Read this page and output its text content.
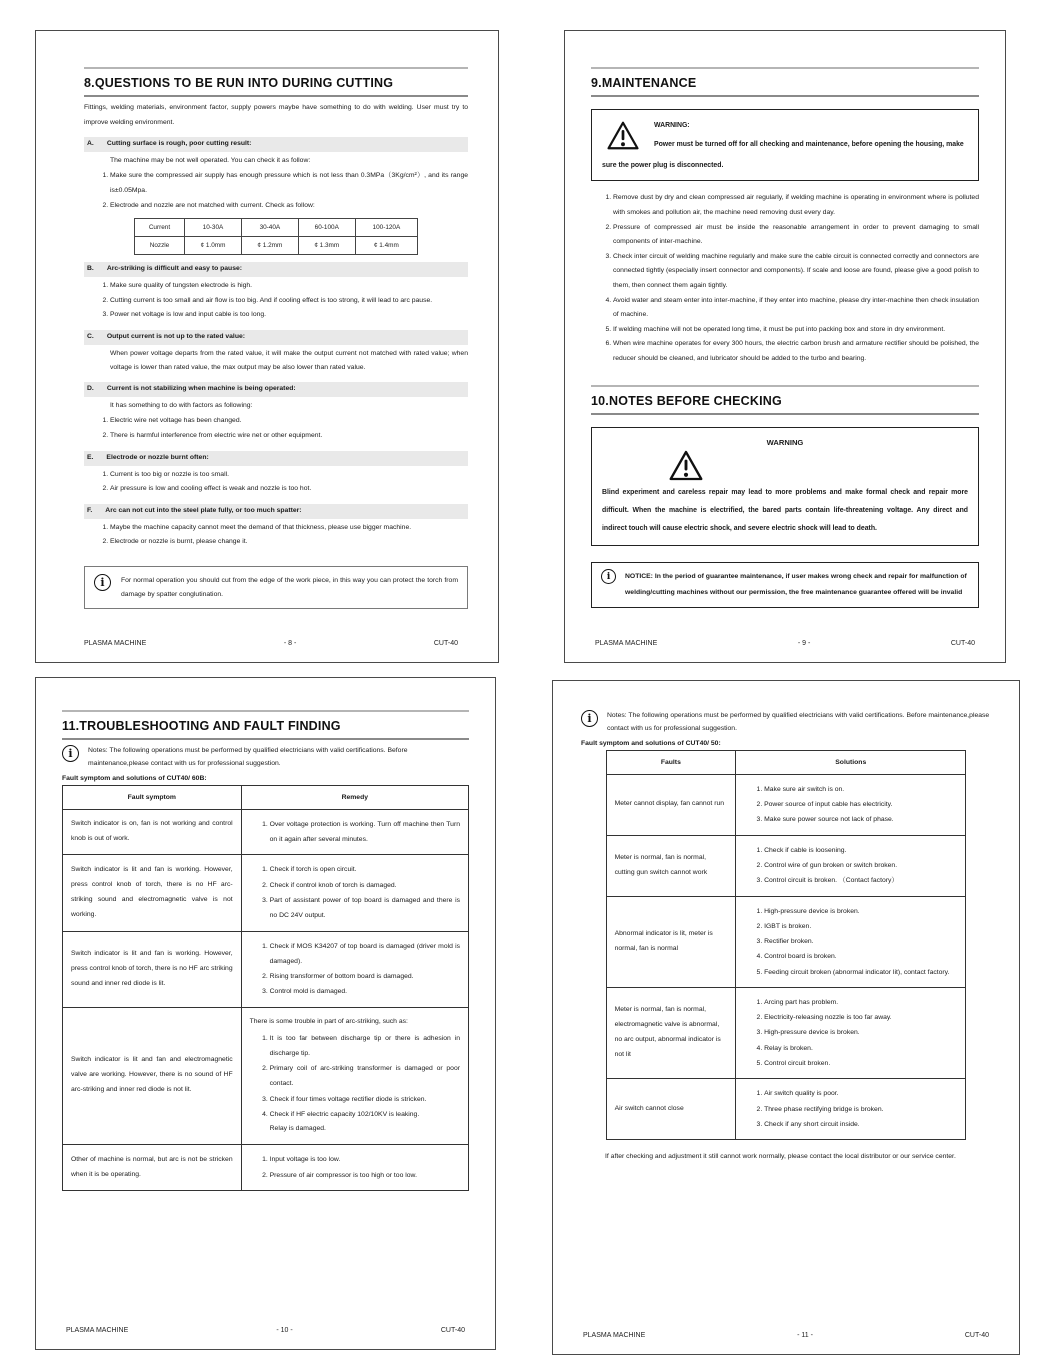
8.QUESTIONS TO BE RUN INTO DURING CUTTING

Fittings, welding materials, environment factor, supply powers maybe have something to do with welding. User must try to improve welding environment.

A. Cutting surface is rough, poor cutting result:

The machine may be not well operated. You can check it as follow:

1. Make sure the compressed air supply has enough pressure which is not less than 0.3MPa（3Kg/cm²）, and its range is±0.05Mpa.
2. Electrode and nozzle are not matched with current. Check as follow:
Current	10-30A	30-40A	60-100A	100-120A
Nozzle	¢ 1.0mm	¢ 1.2mm	¢ 1.3mm	¢ 1.4mm
B. Arc-striking is difficult and easy to pause:
1. Make sure quality of tungsten electrode is high.
2. Cutting current is too small and air flow is too big. And if cooling effect is too strong, it will lead to arc pause.
3. Power net voltage is low and input cable is too long.
C. Output current is not up to the rated value:

When power voltage departs from the rated value, it will make the output current not matched with rated value; when voltage is lower than rated value, the max output may be also lower than rated value.

D. Current is not stabilizing when machine is being operated:

It has something to do with factors as following:

1. Electric wire net voltage has been changed.
2. There is harmful interference from electric wire net or other equipment.
E. Electrode or nozzle burnt often:
1. Current is too big or nozzle is too small.
2. Air pressure is low and cooling effect is weak and nozzle is too hot.
F. Arc can not cut into the steel plate fully, or too much spatter:
1. Maybe the machine capacity cannot meet the demand of that thickness, please use bigger machine.
2. Electrode or nozzle is burnt, please change it.
i	For normal operation you should cut from the edge of the work piece, in this way you can protect the torch from damage by spatter conglutination.

PLASMA MACHINE	- 8 -	CUT-40
9.MAINTENANCE
WARNING:
Power must be turned off for all checking and maintenance, before opening the housing, make sure the power plug is disconnected.
1. Remove dust by dry and clean compressed air regularly, if welding machine is operating in environment where is polluted with smokes and pollution air, the machine need removing dust every day.
2. Pressure of compressed air must be inside the reasonable arrangement in order to prevent damaging to small components of inter-machine.
3. Check inter circuit of welding machine regularly and make sure the cable circuit is connected correctly and connectors are connected tightly (especially insert connector and components). If scale and loose are found, please give a good polish to them, then connect them again tightly.
4. Avoid water and steam enter into inter-machine, if they enter into machine, please dry inter-machine then check insulation of machine.
5. If welding machine will not be operated long time, it must be put into packing box and store in dry environment.
6. When wire machine operates for every 300 hours, the electric carbon brush and armature rectifier should be polished, the reducer should be cleaned, and lubricator should be added to the turbo and bearing.
10.NOTES BEFORE CHECKING
WARNING

Blind experiment and careless repair may lead to more problems and make formal check and repair more difficult. When the machine is electrified, the bared parts contain life-threatening voltage. Any direct and indirect touch will cause electric shock, and severe electric shock will lead to death.

i	NOTICE: In the period of guarantee maintenance, if user makes wrong check and repair for malfunction of welding/cutting machines without our permission, the free maintenance guarantee offered will be invalid

PLASMA MACHINE	- 9 -	CUT-40
11.TROUBLESHOOTING AND FAULT FINDING
i	Notes: The following operations must be performed by qualified electricians with valid certifications. Before maintenance,please contact with us for professional suggestion.

Fault symptom and solutions of CUT40/ 60B:
Fault symptom	Remedy
Switch indicator is on, fan is not working and control knob is out of work.	
1. Over voltage protection is working. Turn off machine then Turn on it again after several minutes.

Switch indicator is lit and fan is working. However, press control knob of torch, there is no HF arc-striking sound and electromagnetic valve is not working.	
1. Check if torch is open circuit.
2. Check if control knob of torch is damaged.
3. Part of assistant power of top board is damaged and there is no DC 24V output.

Switch indicator is lit and fan is working. However, press control knob of torch, there is no HF arc striking sound and inner red diode is lit.	
1. Check if MOS K34207 of top board is damaged (driver mold is damaged).
2. Rising transformer of bottom board is damaged.
3. Control mold is damaged.

Switch indicator is lit and fan and electromagnetic valve are working. However, there is no sound of HF arc-striking and inner red diode is not lit.	

There is some trouble in part of arc-striking, such as:

1. It is too far between discharge tip or there is adhesion in discharge tip.
2. Primary coil of arc-striking transformer is damaged or poor contact.
3. Check if four times voltage rectifier diode is stricken.
4. Check if HF electric capacity 102/10KV is leaking.

Relay is damaged.

Other of machine is normal, but arc is not be stricken when it is be operating.	
1. Input voltage is too low.
2. Pressure of air compressor is too high or too low.
PLASMA MACHINE	- 10 -	CUT-40
i	Notes: The following operations must be performed by qualified electricians with valid certifications. Before maintenance,please contact with us for professional suggestion.

Fault symptom and solutions of CUT40/ 50:
Faults	Solutions
Meter cannot display, fan cannot run	
1. Make sure air switch is on.
2. Power source of input cable has electricity.
3. Make sure power source not lack of phase.

Meter is normal, fan is normal, cutting gun switch cannot work	
1. Check if cable is loosening.
2. Control wire of gun broken or switch broken.
3. Control circuit is broken. （Contact factory）

Abnormal indicator is lit, meter is normal, fan is normal	
1. High-pressure device is broken.
2. IGBT is broken.
3. Rectifier broken.
4. Control board is broken.
5. Feeding circuit broken (abnormal indicator lit), contact factory.

Meter is normal, fan is normal, electromagnetic valve is abnormal, no arc output, abnormal indicator is not lit	
1. Arcing part has problem.
2. Electricity-releasing nozzle is too far away.
3. High-pressure device is broken.
4. Relay is broken.
5. Control circuit broken.

Air switch cannot close	
1. Air switch quality is poor.
2. Three phase rectifying bridge is broken.
3. Check if any short circuit inside.

If after checking and adjustment it still cannot work normally, please contact the local distributor or our service center.

PLASMA MACHINE	- 11 -	CUT-40
